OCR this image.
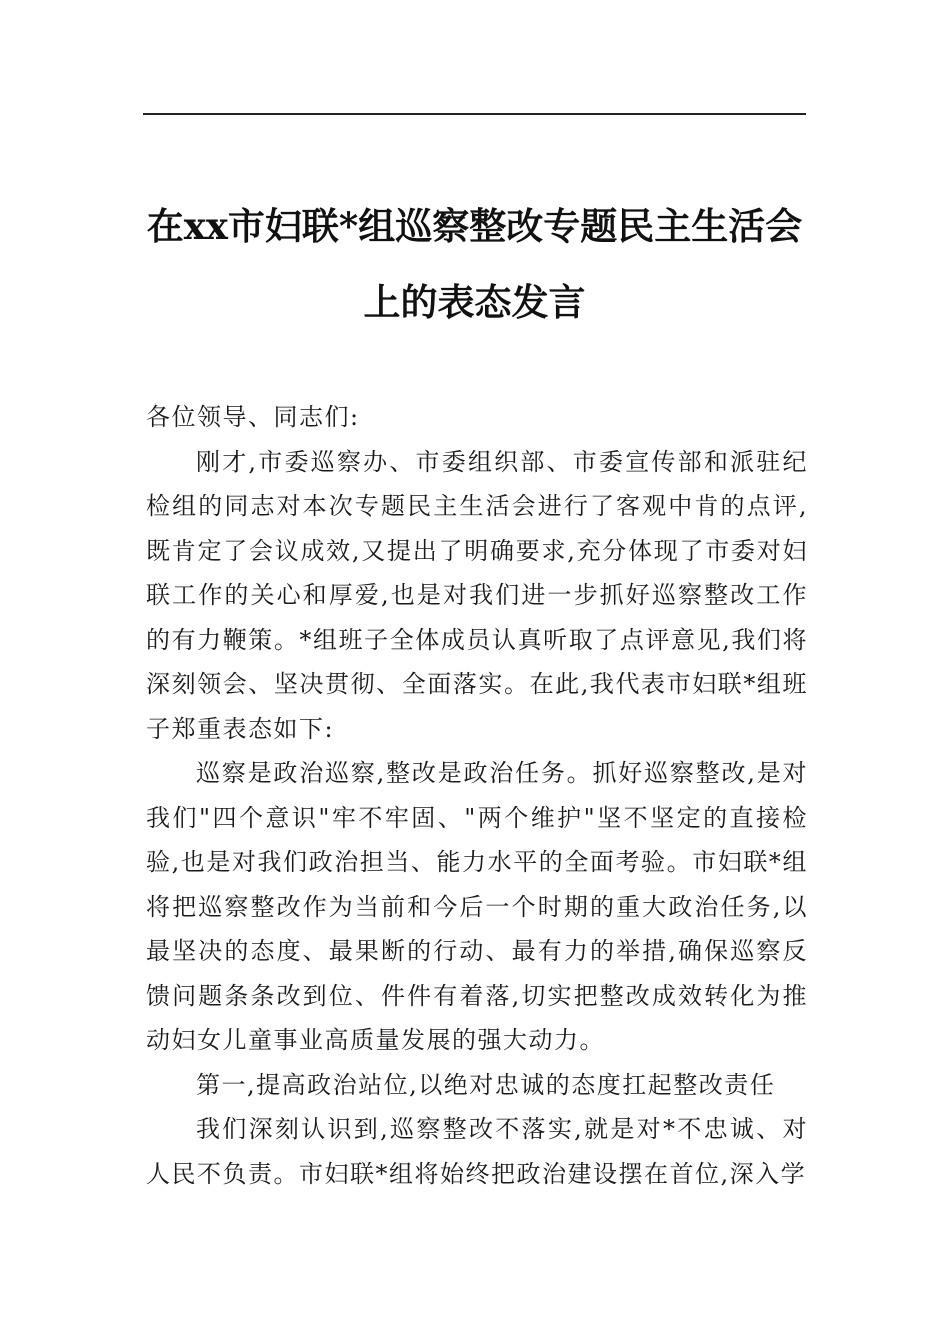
在xx市妇联*组巡察整改专题民主生活会
上的表态发言

各位领导、同志们:

刚才,市委巡察办、市委组织部、市委宣传部和派驻纪检组的同志对本次专题民主生活会进行了客观中肯的点评,既肯定了会议成效,又提出了明确要求,充分体现了市委对妇联工作的关心和厚爱,也是对我们进一步抓好巡察整改工作的有力鞭策。*组班子全体成员认真听取了点评意见,我们将深刻领会、坚决贯彻、全面落实。在此,我代表市妇联*组班子郑重表态如下:

巡察是政治巡察,整改是政治任务。抓好巡察整改,是对我们"四个意识"牢不牢固、"两个维护"坚不坚定的直接检验,也是对我们政治担当、能力水平的全面考验。市妇联*组将把巡察整改作为当前和今后一个时期的重大政治任务,以最坚决的态度、最果断的行动、最有力的举措,确保巡察反馈问题条条改到位、件件有着落,切实把整改成效转化为推动妇女儿童事业高质量发展的强大动力。

第一,提高政治站位,以绝对忠诚的态度扛起整改责任

我们深刻认识到,巡察整改不落实,就是对*不忠诚、对人民不负责。市妇联*组将始终把政治建设摆在首位,深入学
